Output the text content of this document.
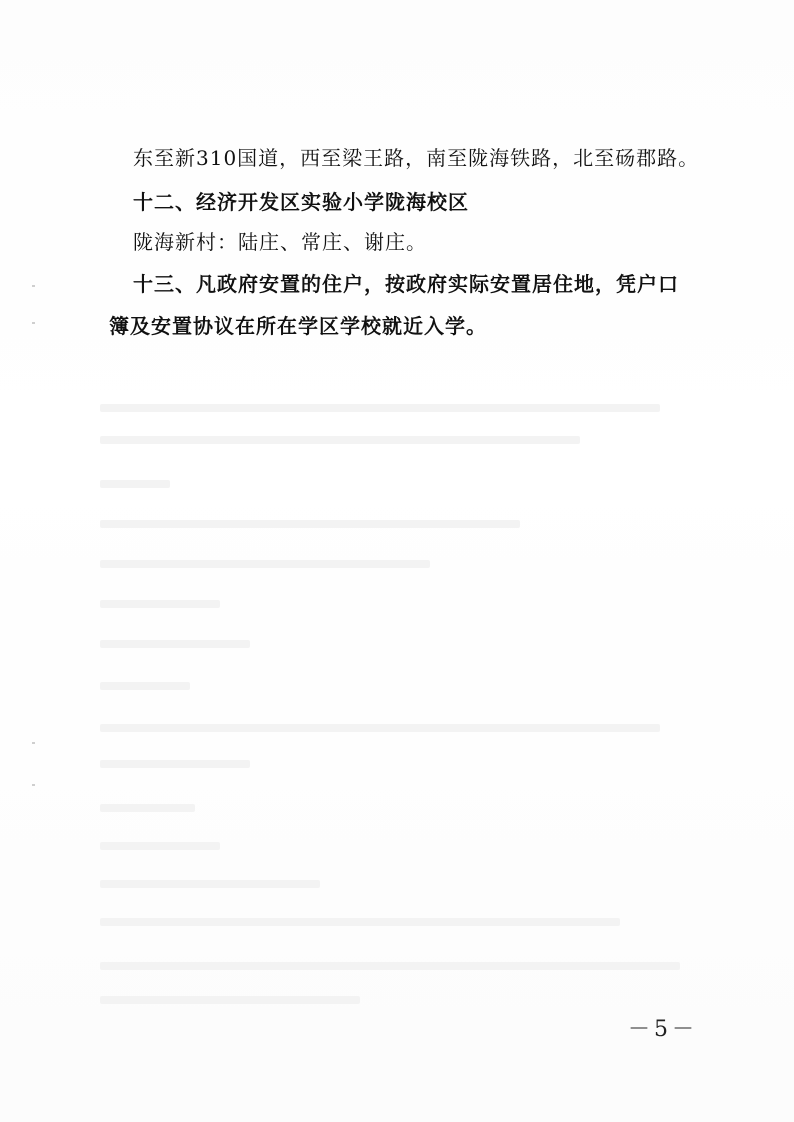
东至新310国道，西至梁王路，南至陇海铁路，北至砀郡路。
十二、经济开发区实验小学陇海校区
陇海新村：陆庄、常庄、谢庄。
十三、凡政府安置的住户，按政府实际安置居住地，凭户口
簿及安置协议在所在学区学校就近入学。
－5－
